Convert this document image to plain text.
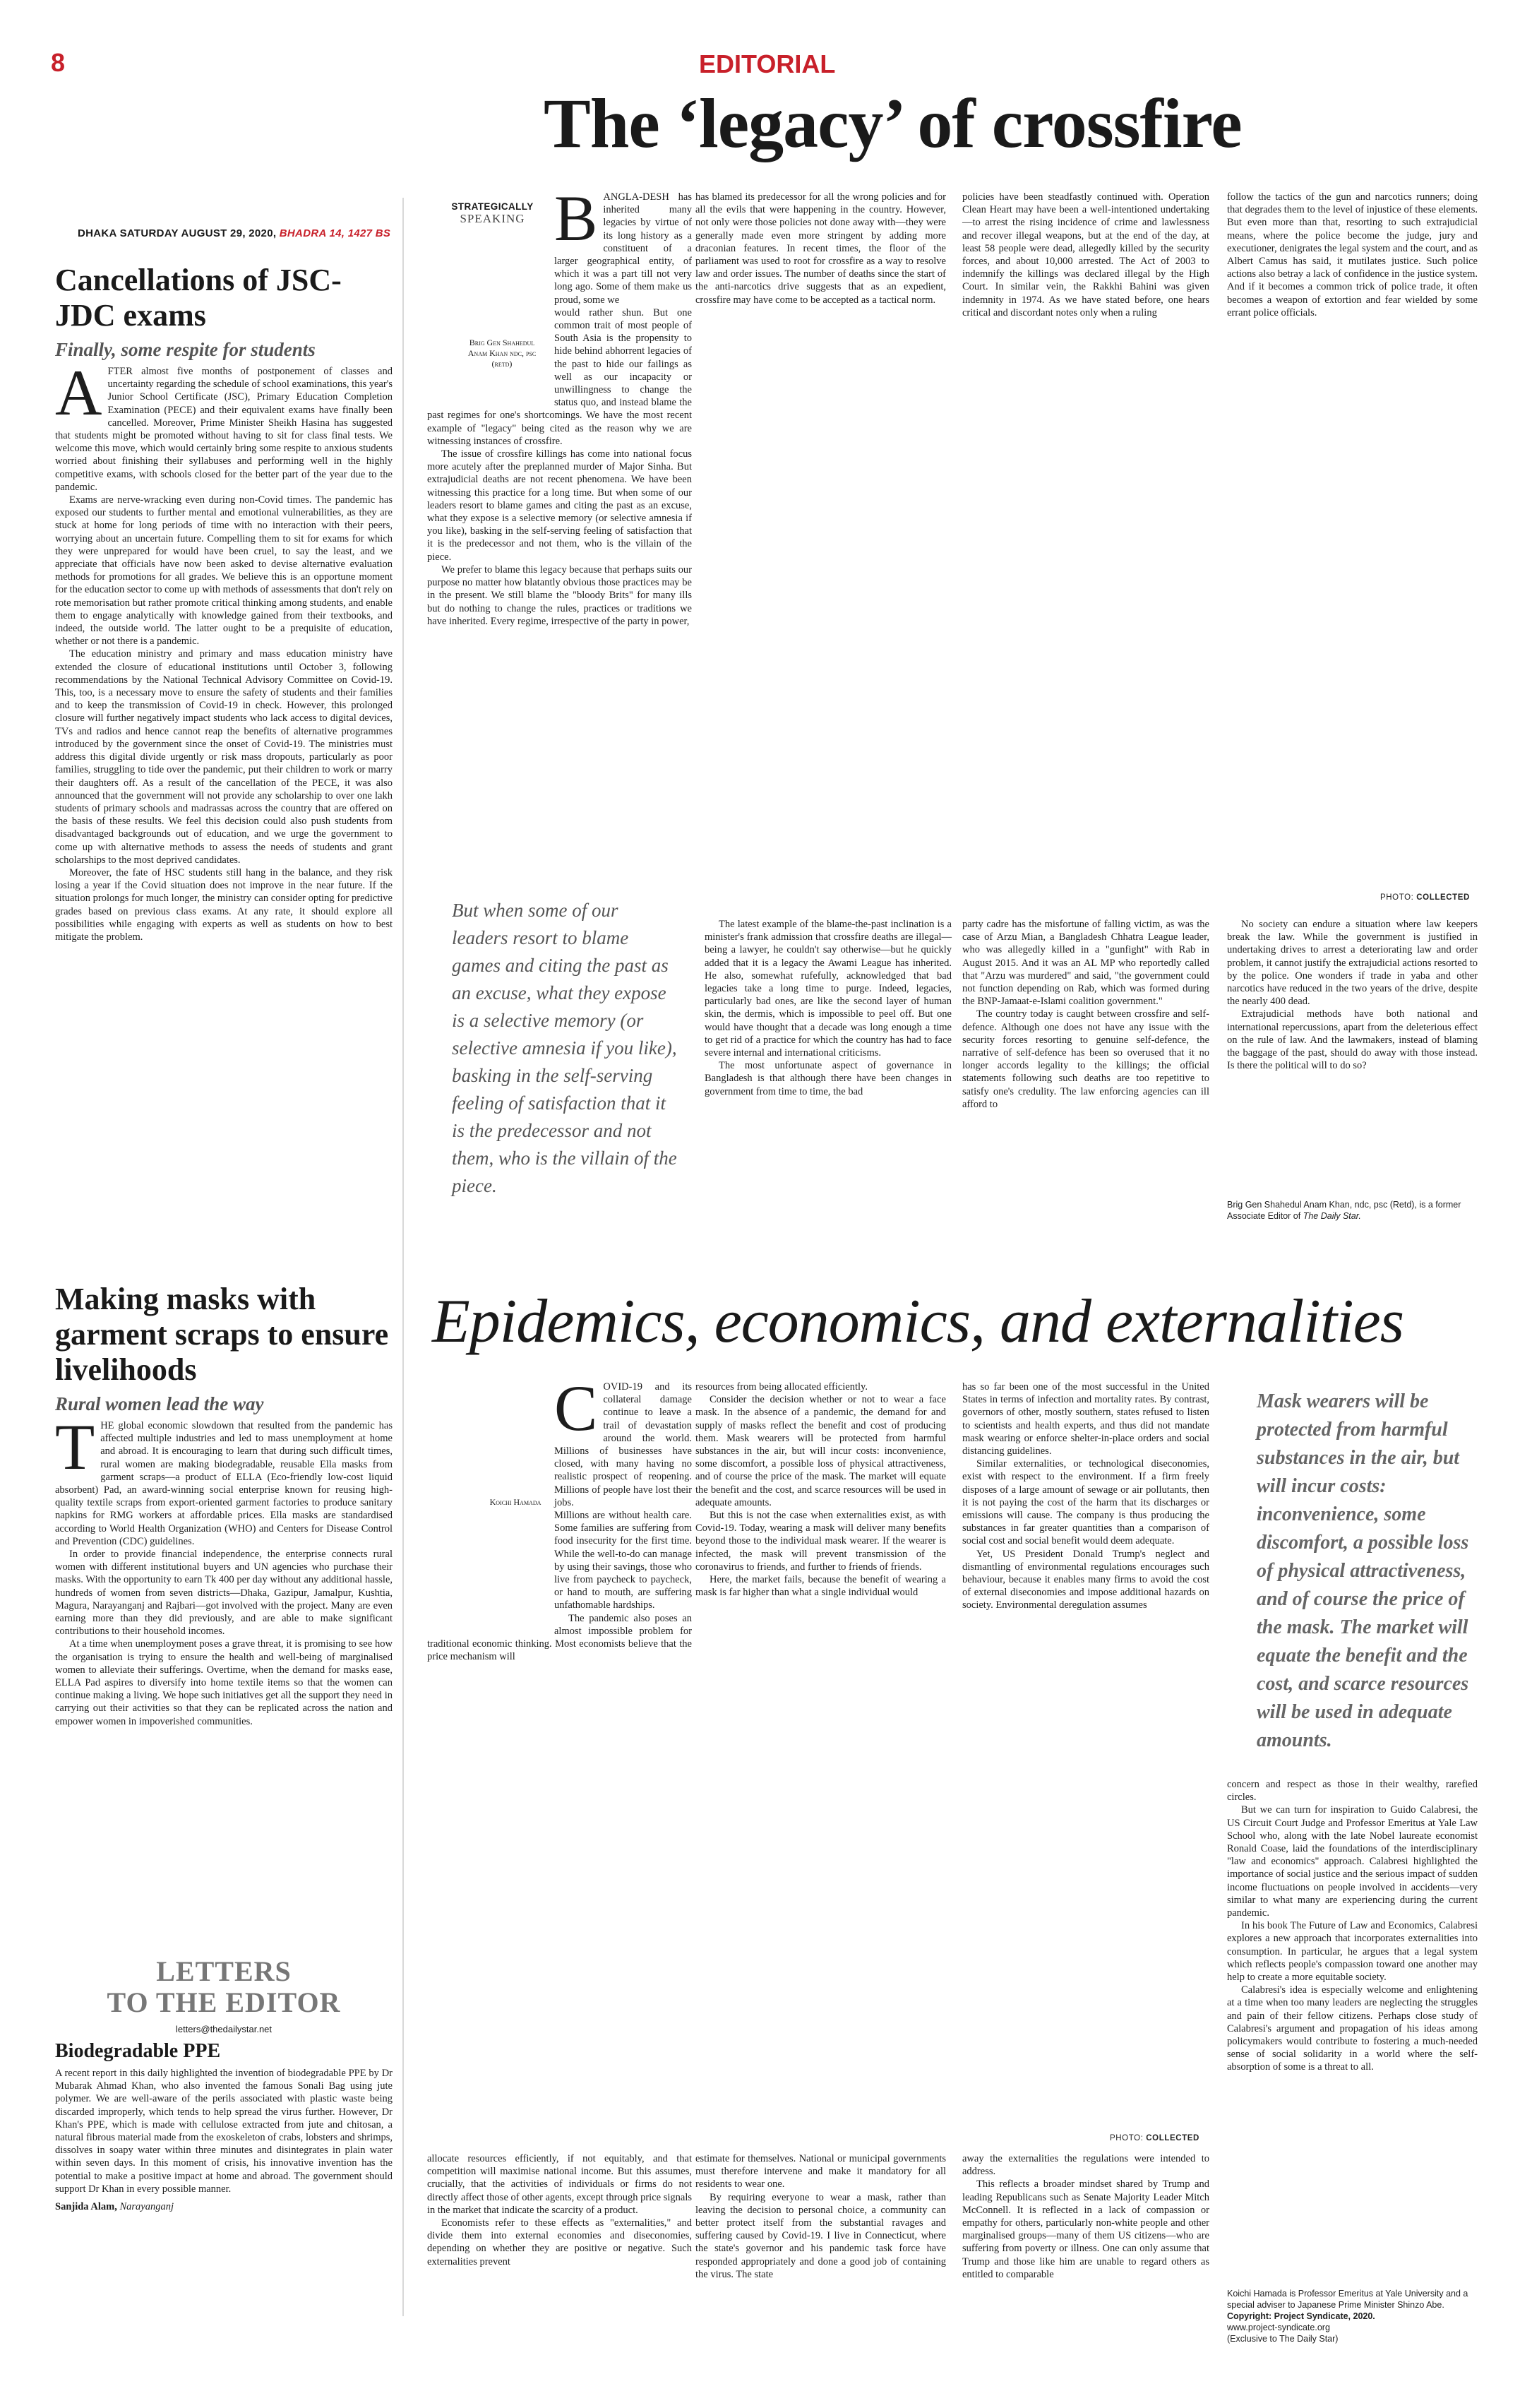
8	EDITORIAL
The ‘legacy’ of crossfire
DHAKA SATURDAY AUGUST 29, 2020, BHADRA 14, 1427 BS
Cancellations of JSC-JDC exams
Finally, some respite for students

AFTER almost five months of postponement of classes and uncertainty regarding the schedule of school examinations, this year's Junior School Certificate (JSC), Primary Education Completion Examination (PECE) and their equivalent exams have finally been cancelled. Moreover, Prime Minister Sheikh Hasina has suggested that students might be promoted without having to sit for class final tests. We welcome this move, which would certainly bring some respite to anxious students worried about finishing their syllabuses and performing well in the highly competitive exams, with schools closed for the better part of the year due to the pandemic.

Exams are nerve-wracking even during non-Covid times. The pandemic has exposed our students to further mental and emotional vulnerabilities, as they are stuck at home for long periods of time with no interaction with their peers, worrying about an uncertain future. Compelling them to sit for exams for which they were unprepared for would have been cruel, to say the least, and we appreciate that officials have now been asked to devise alternative evaluation methods for promotions for all grades. We believe this is an opportune moment for the education sector to come up with methods of assessments that don't rely on rote memorisation but rather promote critical thinking among students, and enable them to engage analytically with knowledge gained from their textbooks, and indeed, the outside world. The latter ought to be a prequisite of education, whether or not there is a pandemic.

The education ministry and primary and mass education ministry have extended the closure of educational institutions until October 3, following recommendations by the National Technical Advisory Committee on Covid-19. This, too, is a necessary move to ensure the safety of students and their families and to keep the transmission of Covid-19 in check. However, this prolonged closure will further negatively impact students who lack access to digital devices, TVs and radios and hence cannot reap the benefits of alternative programmes introduced by the government since the onset of Covid-19. The ministries must address this digital divide urgently or risk mass dropouts, particularly as poor families, struggling to tide over the pandemic, put their children to work or marry their daughters off. As a result of the cancellation of the PECE, it was also announced that the government will not provide any scholarship to over one lakh students of primary schools and madrassas across the country that are offered on the basis of these results. We feel this decision could also push students from disadvantaged backgrounds out of education, and we urge the government to come up with alternative methods to assess the needs of students and grant scholarships to the most deprived candidates.

Moreover, the fate of HSC students still hang in the balance, and they risk losing a year if the Covid situation does not improve in the near future. If the situation prolongs for much longer, the ministry can consider opting for predictive grades based on previous class exams. At any rate, it should explore all possibilities while engaging with experts as well as students on how to best mitigate the problem.

Making masks with garment scraps to ensure livelihoods
Rural women lead the way

THE global economic slowdown that resulted from the pandemic has affected multiple industries and led to mass unemployment at home and abroad. It is encouraging to learn that during such difficult times, rural women are making biodegradable, reusable Ella masks from garment scraps—a product of ELLA (Eco-friendly low-cost liquid absorbent) Pad, an award-winning social enterprise known for reusing high-quality textile scraps from export-oriented garment factories to produce sanitary napkins for RMG workers at affordable prices. Ella masks are standardised according to World Health Organization (WHO) and Centers for Disease Control and Prevention (CDC) guidelines.

In order to provide financial independence, the enterprise connects rural women with different institutional buyers and UN agencies who purchase their masks. With the opportunity to earn Tk 400 per day without any additional hassle, hundreds of women from seven districts—Dhaka, Gazipur, Jamalpur, Kushtia, Magura, Narayanganj and Rajbari—got involved with the project. Many are even earning more than they did previously, and are able to make significant contributions to their household incomes.

At a time when unemployment poses a grave threat, it is promising to see how the organisation is trying to ensure the health and well-being of marginalised women to alleviate their sufferings. Overtime, when the demand for masks ease, ELLA Pad aspires to diversify into home textile items so that the women can continue making a living. We hope such initiatives get all the support they need in carrying out their activities so that they can be replicated across the nation and empower women in impoverished communities.

LETTERS
TO THE EDITOR
letters@thedailystar.net
Biodegradable PPE

A recent report in this daily highlighted the invention of biodegradable PPE by Dr Mubarak Ahmad Khan, who also invented the famous Sonali Bag using jute polymer. We are well-aware of the perils associated with plastic waste being discarded improperly, which tends to help spread the virus further. However, Dr Khan's PPE, which is made with cellulose extracted from jute and chitosan, a natural fibrous material made from the exoskeleton of crabs, lobsters and shrimps, dissolves in soapy water within three minutes and disintegrates in plain water within seven days. In this moment of crisis, his innovative invention has the potential to make a positive impact at home and abroad. The government should support Dr Khan in every possible manner.

Sanjida Alam, Narayanganj
STRATEGICALLY
SPEAKING
Brig Gen Shahedul Anam Khan ndc, psc (retd)

BANGLA-DESH has inherited many legacies by virtue of its long history as a constituent of a larger geographical entity, of which it was a part till not very long ago. Some of them make us proud, some we

would rather shun. But one common trait of most people of South Asia is the propensity to hide behind abhorrent legacies of the past to hide our failings as well as our incapacity or unwillingness to change the status quo, and instead blame the past regimes for one's shortcomings. We have the most recent example of "legacy" being cited as the reason why we are witnessing instances of crossfire.

The issue of crossfire killings has come into national focus more acutely after the preplanned murder of Major Sinha. But extrajudicial deaths are not recent phenomena. We have been witnessing this practice for a long time. But when some of our leaders resort to blame games and citing the past as an excuse, what they expose is a selective memory (or selective amnesia if you like), basking in the self-serving feeling of satisfaction that it is the predecessor and not them, who is the villain of the piece.

We prefer to blame this legacy because that perhaps suits our purpose no matter how blatantly obvious those practices may be in the present. We still blame the "bloody Brits" for many ills but do nothing to change the rules, practices or traditions we have inherited. Every regime, irrespective of the party in power,

has blamed its predecessor for all the wrong policies and for all the evils that were happening in the country. However, not only were those policies not done away with—they were generally made even more stringent by adding more draconian features. In recent times, the floor of the parliament was used to root for crossfire as a way to resolve law and order issues. The number of deaths since the start of the anti-narcotics drive suggests that as an expedient, crossfire may have come to be accepted as a tactical norm.

policies have been steadfastly continued with. Operation Clean Heart may have been a well-intentioned undertaking—to arrest the rising incidence of crime and lawlessness and recover illegal weapons, but at the end of the day, at least 58 people were dead, allegedly killed by the security forces, and about 10,000 arrested. The Act of 2003 to indemnify the killings was declared illegal by the High Court. In similar vein, the Rakkhi Bahini was given indemnity in 1974. As we have stated before, one hears critical and discordant notes only when a ruling

follow the tactics of the gun and narcotics runners; doing that degrades them to the level of injustice of these elements. But even more than that, resorting to such extrajudicial means, where the police become the judge, jury and executioner, denigrates the legal system and the court, and as Albert Camus has said, it mutilates justice. Such police actions also betray a lack of confidence in the justice system. And if it becomes a common trick of police trade, it often becomes a weapon of extortion and fear wielded by some errant police officials.

PHOTO: COLLECTED
But when some of our leaders resort to blame games and citing the past as an excuse, what they expose is a selective memory (or selective amnesia if you like), basking in the self-serving feeling of satisfaction that it is the predecessor and not them, who is the villain of the piece.

The latest example of the blame-the-past inclination is a minister's frank admission that crossfire deaths are illegal—being a lawyer, he couldn't say otherwise—but he quickly added that it is a legacy the Awami League has inherited. He also, somewhat rufefully, acknowledged that bad legacies take a long time to purge. Indeed, legacies, particularly bad ones, are like the second layer of human skin, the dermis, which is impossible to peel off. But one would have thought that a decade was long enough a time to get rid of a practice for which the country has had to face severe internal and international criticisms.

The most unfortunate aspect of governance in Bangladesh is that although there have been changes in government from time to time, the bad

party cadre has the misfortune of falling victim, as was the case of Arzu Mian, a Bangladesh Chhatra League leader, who was allegedly killed in a "gunfight" with Rab in August 2015. And it was an AL MP who reportedly called that "Arzu was murdered" and said, "the government could not function depending on Rab, which was formed during the BNP-Jamaat-e-Islami coalition government."

The country today is caught between crossfire and self-defence. Although one does not have any issue with the security forces resorting to genuine self-defence, the narrative of self-defence has been so overused that it no longer accords legality to the killings; the official statements following such deaths are too repetitive to satisfy one's credulity. The law enforcing agencies can ill afford to

No society can endure a situation where law keepers break the law. While the government is justified in undertaking drives to arrest a deteriorating law and order problem, it cannot justify the extrajudicial actions resorted to by the police. One wonders if trade in yaba and other narcotics have reduced in the two years of the drive, despite the nearly 400 dead.

Extrajudicial methods have both national and international repercussions, apart from the deleterious effect on the rule of law. And the lawmakers, instead of blaming the baggage of the past, should do away with those instead. Is there the political will to do so?

Brig Gen Shahedul Anam Khan, ndc, psc (Retd), is a former Associate Editor of The Daily Star.
Epidemics, economics, and externalities
Koichi Hamada

COVID-19 and its collateral damage continue to leave a trail of devastation around the world. Millions of businesses have closed, with many having no realistic prospect of reopening. Millions of people have lost their jobs.

Millions are without health care. Some families are suffering from food insecurity for the first time. While the well-to-do can manage by using their savings, those who live from paycheck to paycheck, or hand to mouth, are suffering unfathomable hardships.

The pandemic also poses an almost impossible problem for traditional economic thinking. Most economists believe that the price mechanism will

resources from being allocated efficiently.

Consider the decision whether or not to wear a face mask. In the absence of a pandemic, the demand for and supply of masks reflect the benefit and cost of producing them. Mask wearers will be protected from harmful substances in the air, but will incur costs: inconvenience, some discomfort, a possible loss of physical attractiveness, and of course the price of the mask. The market will equate the benefit and the cost, and scarce resources will be used in adequate amounts.

But this is not the case when externalities exist, as with Covid-19. Today, wearing a mask will deliver many benefits beyond those to the individual mask wearer. If the wearer is infected, the mask will prevent transmission of the coronavirus to friends, and further to friends of friends.

Here, the market fails, because the benefit of wearing a mask is far higher than what a single individual would

has so far been one of the most successful in the United States in terms of infection and mortality rates. By contrast, governors of other, mostly southern, states refused to listen to scientists and health experts, and thus did not mandate mask wearing or enforce shelter-in-place orders and social distancing guidelines.

Similar externalities, or technological diseconomies, exist with respect to the environment. If a firm freely disposes of a large amount of sewage or air pollutants, then it is not paying the cost of the harm that its discharges or emissions will cause. The company is thus producing the substances in far greater quantities than a comparison of social cost and social benefit would deem adequate.

Yet, US President Donald Trump's neglect and dismantling of environmental regulations encourages such behaviour, because it enables many firms to avoid the cost of external diseconomies and impose additional hazards on society. Environmental deregulation assumes

Mask wearers will be protected from harmful substances in the air, but will incur costs: inconvenience, some discomfort, a possible loss of physical attractiveness, and of course the price of the mask. The market will equate the benefit and the cost, and scarce resources will be used in adequate amounts.

concern and respect as those in their wealthy, rarefied circles.

But we can turn for inspiration to Guido Calabresi, the US Circuit Court Judge and Professor Emeritus at Yale Law School who, along with the late Nobel laureate economist Ronald Coase, laid the foundations of the interdisciplinary "law and economics" approach. Calabresi highlighted the importance of social justice and the serious impact of sudden income fluctuations on people involved in accidents—very similar to what many are experiencing during the current pandemic.

In his book The Future of Law and Economics, Calabresi explores a new approach that incorporates externalities into consumption. In particular, he argues that a legal system which reflects people's compassion toward one another may help to create a more equitable society.

Calabresi's idea is especially welcome and enlightening at a time when too many leaders are neglecting the struggles and pain of their fellow citizens. Perhaps close study of Calabresi's argument and propagation of his ideas among policymakers would contribute to fostering a much-needed sense of social solidarity in a world where the self-absorption of some is a threat to all.

PHOTO: COLLECTED

allocate resources efficiently, if not equitably, and that competition will maximise national income. But this assumes, crucially, that the activities of individuals or firms do not directly affect those of other agents, except through price signals in the market that indicate the scarcity of a product.

Economists refer to these effects as "externalities," and divide them into external economies and diseconomies, depending on whether they are positive or negative. Such externalities prevent

estimate for themselves. National or municipal governments must therefore intervene and make it mandatory for all residents to wear one.

By requiring everyone to wear a mask, rather than leaving the decision to personal choice, a community can better protect itself from the substantial ravages and suffering caused by Covid-19. I live in Connecticut, where the state's governor and his pandemic task force have responded appropriately and done a good job of containing the virus. The state

away the externalities the regulations were intended to address.

This reflects a broader mindset shared by Trump and leading Republicans such as Senate Majority Leader Mitch McConnell. It is reflected in a lack of compassion or empathy for others, particularly non-white people and other marginalised groups—many of them US citizens—who are suffering from poverty or illness. One can only assume that Trump and those like him are unable to regard others as entitled to comparable

Koichi Hamada is Professor Emeritus at Yale University and a special adviser to Japanese Prime Minister Shinzo Abe.
Copyright: Project Syndicate, 2020.
www.project-syndicate.org
(Exclusive to The Daily Star)
